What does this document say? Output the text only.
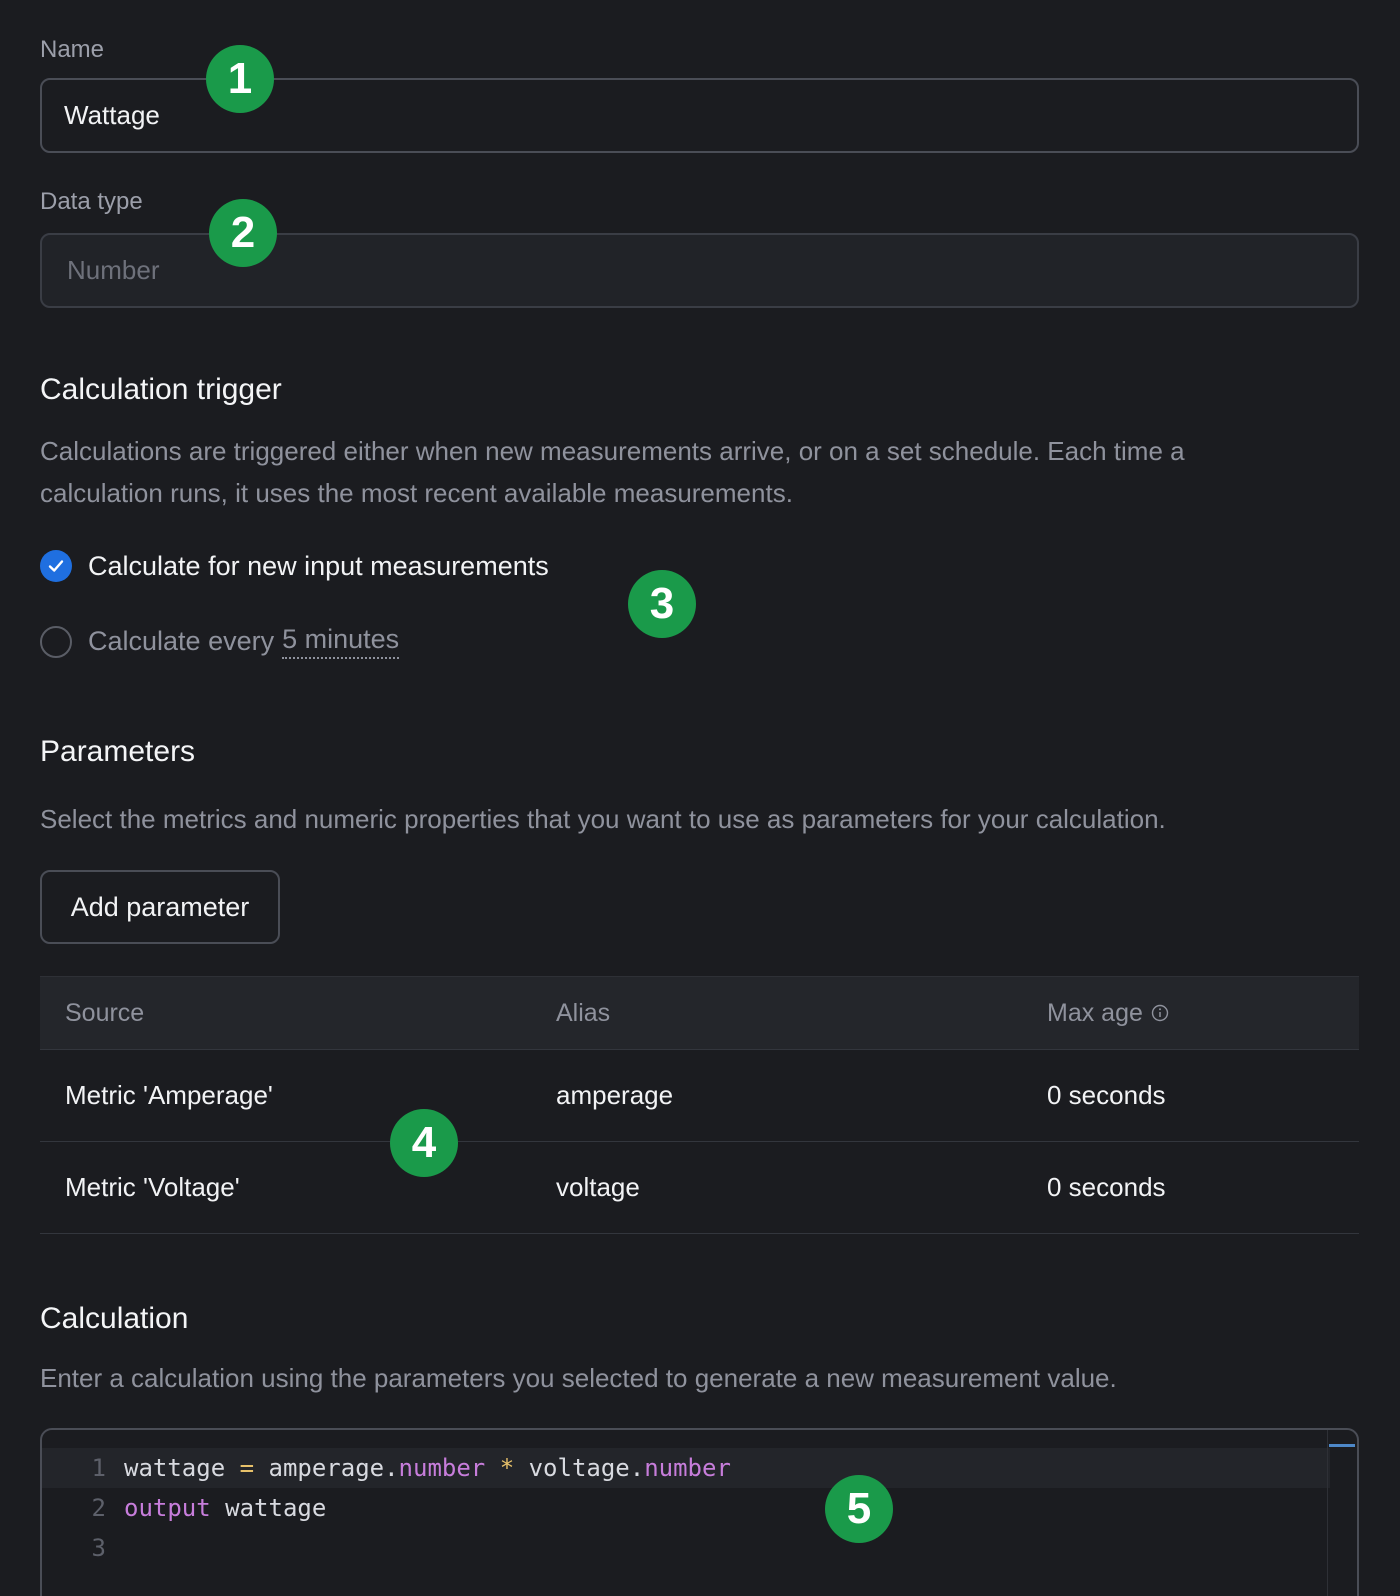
Name
Wattage
Data type
Number
Calculation trigger
Calculations are triggered either when new measurements arrive, or on a set schedule. Each time a
calculation runs, it uses the most recent available measurements.
Calculate for new input measurements
Calculate every 5 minutes
Parameters
Select the metrics and numeric properties that you want to use as parameters for your calculation.
Add parameter
Source	Alias	Max age
Metric 'Amperage'	amperage	0 seconds
Metric 'Voltage'	voltage	0 seconds
Calculation
Enter a calculation using the parameters you selected to generate a new measurement value.
1 wattage = amperage.number * voltage.number
2 output wattage
3
1
2
3
4
5
